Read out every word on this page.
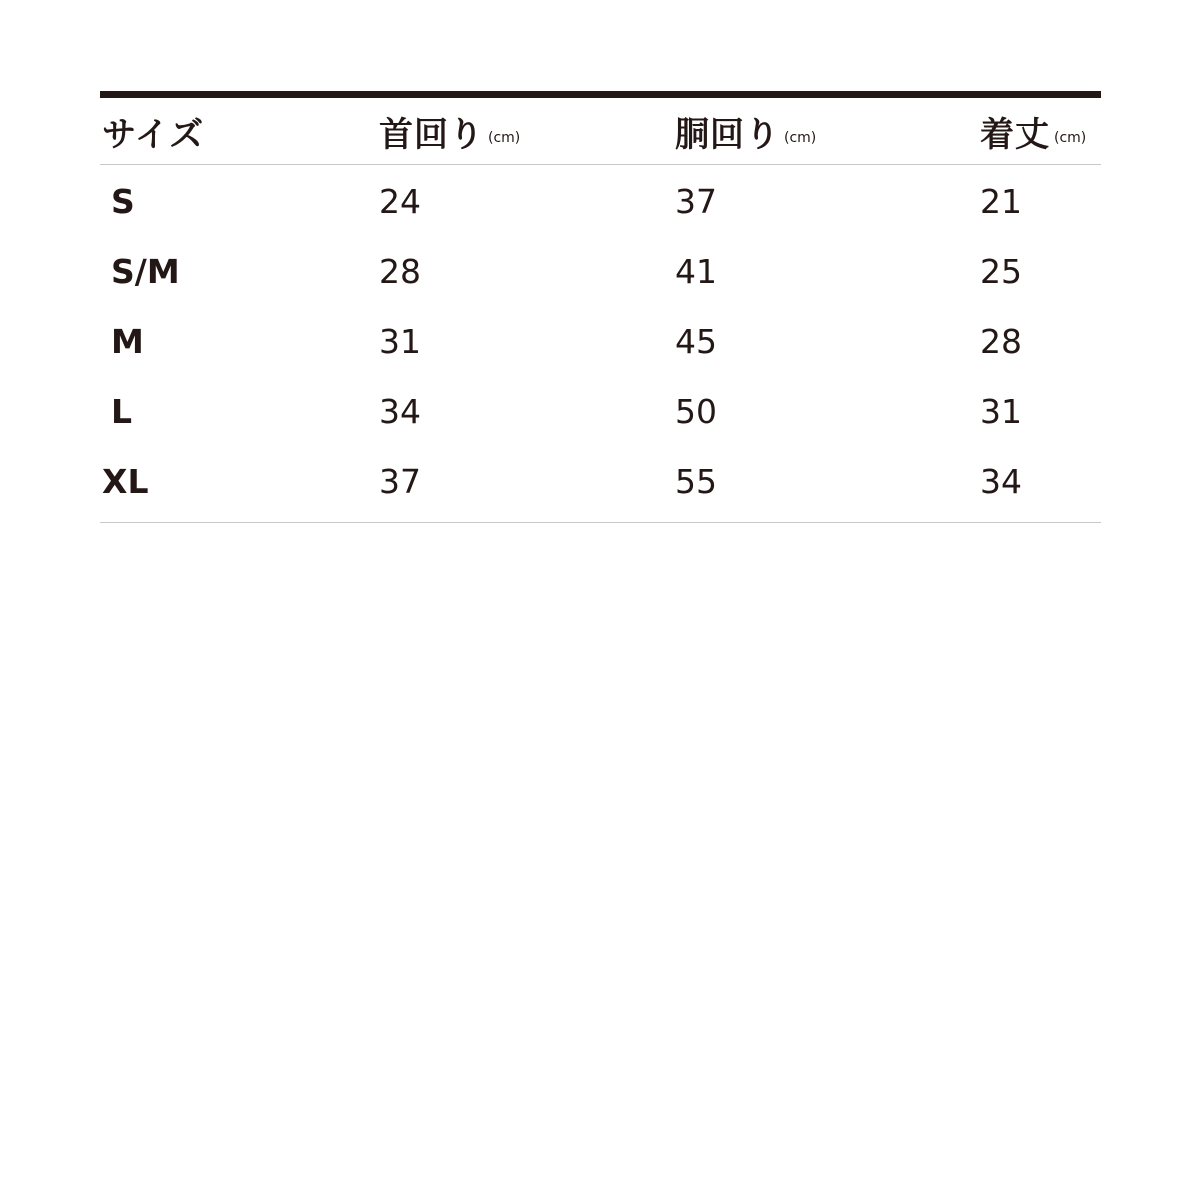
サイズ	首回り (cm)	胴回り (cm)	着丈 (cm)
S	24	37	21
S/M	28	41	25
M	31	45	28
L	34	50	31
XL	37	55	34
